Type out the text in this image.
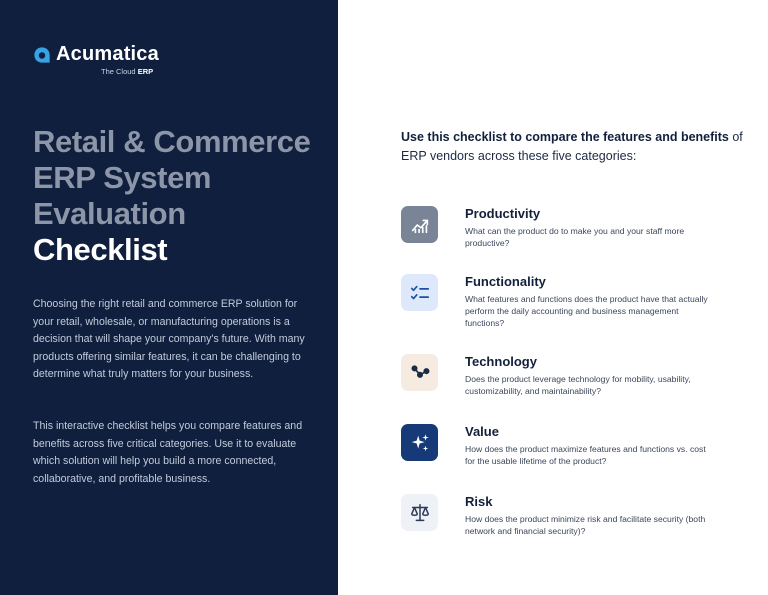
Acumatica
The Cloud ERP
Retail & Commerce
ERP System
Evaluation
Checklist

Choosing the right retail and commerce ERP solution for your retail, wholesale, or manufacturing operations is a decision that will shape your company's future. With many products offering similar features, it can be challenging to determine what truly matters for your business.

This interactive checklist helps you compare features and benefits across five critical categories. Use it to evaluate which solution will help you build a more connected, collaborative, and profitable business.

Use this checklist to compare the features and benefits of ERP vendors across these five categories:

Productivity
What can the product do to make you and your staff more productive?
Functionality
What features and functions does the product have that actually perform the daily accounting and business management functions?
Technology
Does the product leverage technology for mobility, usability, customizability, and maintainability?
Value
How does the product maximize features and functions vs. cost for the usable lifetime of the product?
Risk
How does the product minimize risk and facilitate security (both network and financial security)?
